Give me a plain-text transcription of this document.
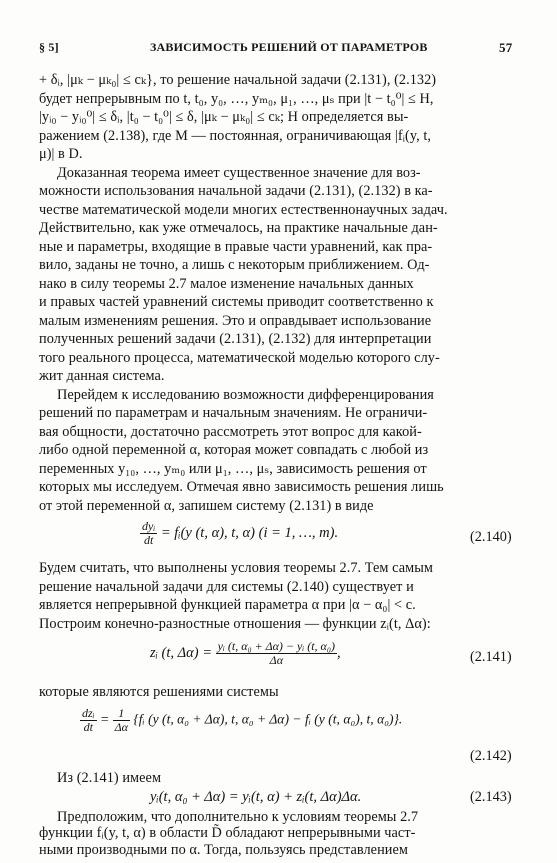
§ 5]	ЗАВИСИМОСТЬ РЕШЕНИЙ ОТ ПАРАМЕТРОВ	57
+ δᵢ, |μₖ − μₖ₀| ≤ cₖ}, то решение начальной задачи (2.131), (2.132)
будет непрерывным по t, t₀, y₀, …, yₘ₀, μ₁, …, μₛ при |t − t₀⁰| ≤ H,
|yᵢ₀ − yᵢ₀⁰| ≤ δᵢ, |t₀ − t₀⁰| ≤ δ, |μₖ − μₖ₀| ≤ cₖ; H определяется вы-
ражением (2.138), где M — постоянная, ограничивающая |fᵢ(y, t,
μ)| в D.
Доказанная теорема имеет существенное значение для воз-
можности использования начальной задачи (2.131), (2.132) в ка-
честве математической модели многих естественнонаучных задач.
Действительно, как уже отмечалось, на практике начальные дан-
ные и параметры, входящие в правые части уравнений, как пра-
вило, заданы не точно, а лишь с некоторым приближением. Од-
нако в силу теоремы 2.7 малое изменение начальных данных
и правых частей уравнений системы приводит соответственно к
малым изменениям решения. Это и оправдывает использование
полученных решений задачи (2.131), (2.132) для интерпретации
того реального процесса, математической моделью которого слу-
жит данная система.
Перейдем к исследованию возможности дифференцирования
решений по параметрам и начальным значениям. Не ограничи-
вая общности, достаточно рассмотреть этот вопрос для какой-
либо одной переменной α, которая может совпадать с любой из
переменных y₁₀, …, yₘ₀ или μ₁, …, μₛ, зависимость решения от
которых мы исследуем. Отмечая явно зависимость решения лишь
от этой переменной α, запишем систему (2.131) в виде
$\frac{\text{dyᵢ}}{dt}$ = fᵢ(y (t, α), t, α) (i = 1, …, m).	(2.140)
Будем считать, что выполнены условия теоремы 2.7. Тем самым
решение начальной задачи для системы (2.140) существует и
является непрерывной функцией параметра α при |α − α₀| < c.
Построим конечно-разностные отношения — функции zᵢ(t, Δα):
zᵢ (t, $\Delta\alpha) = \frac{\text{yᵢ (t, α₀ + Δα) − yᵢ (t, α₀)}}{\Delta\alpha}$ ,	(2.141)
которые являются решениями системы
$\frac{\text{dzᵢ}}{dt} = \frac{1}{\Delta\alpha}$ {fᵢ (y (t, α₀ + Δα), t, α₀ + Δα) − fᵢ (y (t, α₀), t, α₀)}.
(2.142)
Из (2.141) имеем
yᵢ(t, α₀ + Δα) = yᵢ(t, α) + zᵢ(t, Δα)Δα.	(2.143)
Предположим, что дополнительно к условиям теоремы 2.7
функции fᵢ(y, t, α) в области D̃ обладают непрерывными част-
ными производными по α. Тогда, пользуясь представлением
